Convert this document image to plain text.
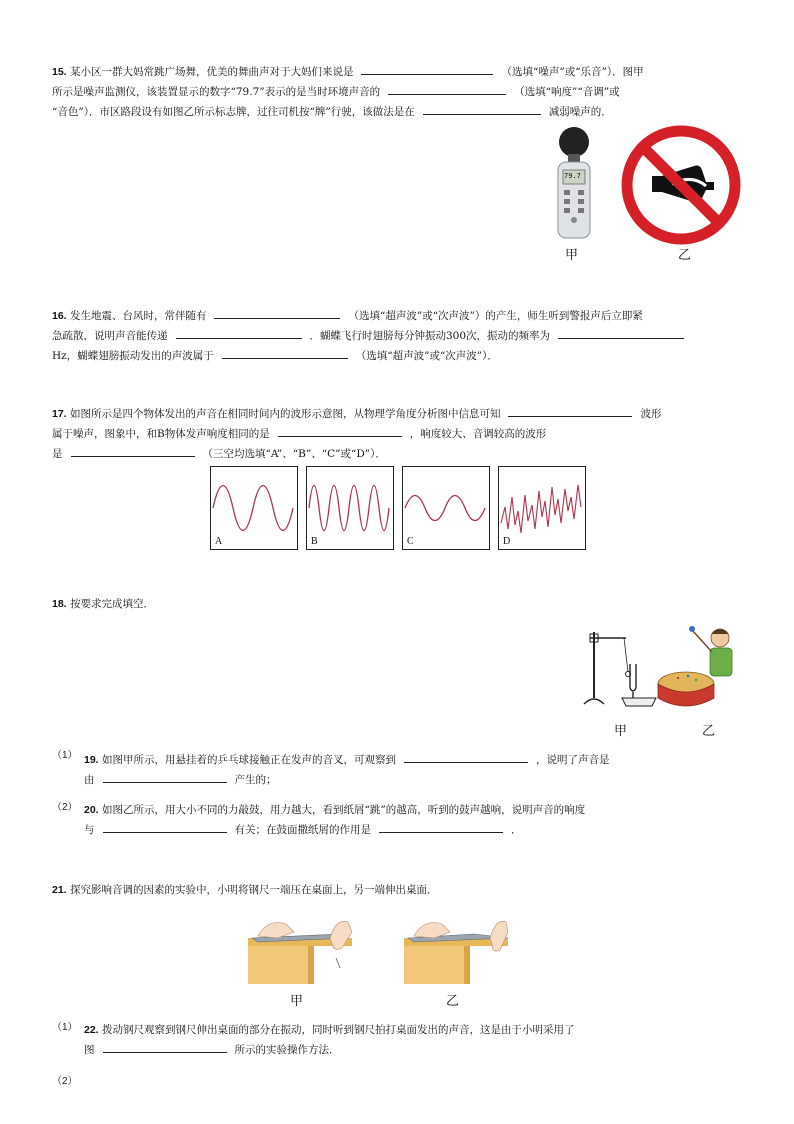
15. 某小区一群大妈常跳广场舞，优美的舞曲声对于大妈们来说是	（选填“噪声”或“乐音”）．图甲
所示是噪声监测仪，该装置显示的数字“79.7”表示的是当时环境声音的	（选填“响度”“音调”或
“音色”）．市区路段设有如图乙所示标志牌，过往司机按“牌”行驶，该做法是在	减弱噪声的．
79.7
甲	乙
16. 发生地震、台风时，常伴随有	（选填“超声波”或“次声波”）的产生，师生听到警报声后立即紧
急疏散，说明声音能传递	．蝴蝶飞行时翅膀每分钟振动300次，振动的频率为
Hz，蝴蝶翅膀振动发出的声波属于	（选填“超声波”或“次声波”）．
17. 如图所示是四个物体发出的声音在相同时间内的波形示意图，从物理学角度分析图中信息可知	波形
属于噪声，图象中，和B物体发声响度相同的是	，响度较大、音调较高的波形
是	（三空均选填“A”、“B”、“C”或“D”）．
A	B	C	D
18. 按要求完成填空．
甲	乙
（1） 19. 如图甲所示，用悬挂着的乒乓球接触正在发声的音叉，可观察到	，说明了声音是
由	产生的；
（2） 20. 如图乙所示，用大小不同的力敲鼓，用力越大，看到纸屑“跳”的越高，听到的鼓声越响，说明声音的响度
与	有关；在鼓面撒纸屑的作用是	．
21. 探究影响音调的因素的实验中，小明将钢尺一端压在桌面上，另一端伸出桌面．
甲	乙
（1） 22. 拨动钢尺观察到钢尺伸出桌面的部分在振动，同时听到钢尺拍打桌面发出的声音，这是由于小明采用了
图	所示的实验操作方法．
（2）
